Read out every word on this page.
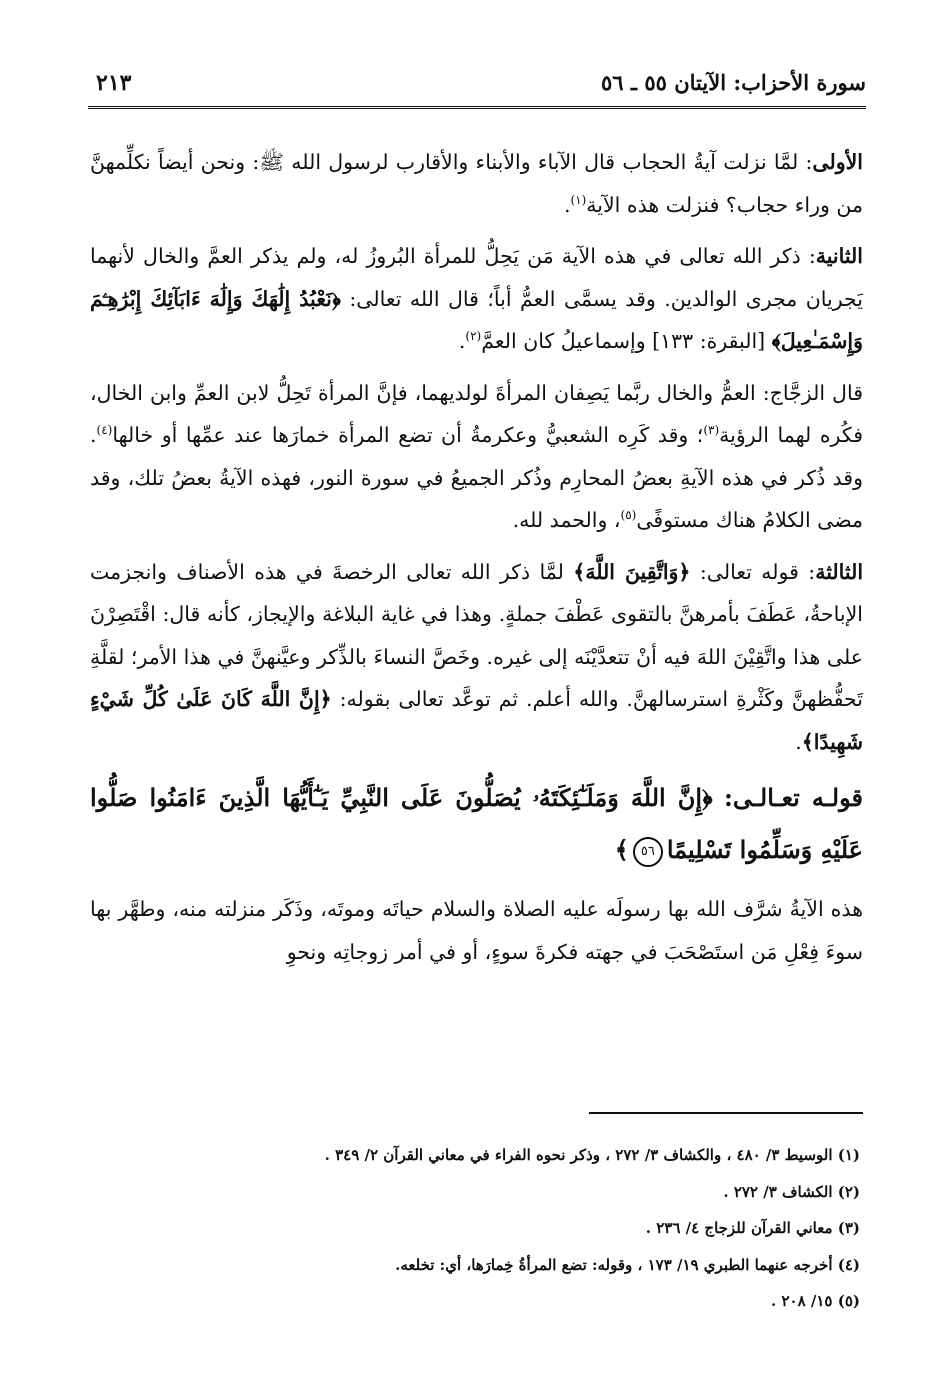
سورة الأحزاب: الآيتان ٥٥ ـ ٥٦
٢١٣

الأولى: لمَّا نزلت آيةُ الحجاب قال الآباء والأبناء والأقارب لرسول الله ﷺ: ونحن أيضاً نكلِّمهنَّ من وراء حجاب؟ فنزلت هذه الآية$^{(١)}$.

الثانية: ذكر الله تعالى في هذه الآية مَن يَحِلُّ للمرأة البُروزُ له، ولم يذكر العمَّ والخال لأنهما يَجريان مجرى الوالدين. وقد يسمَّى العمُّ أباً؛ قال الله تعالى: ﴿نَعْبُدُ إِلَٰهَكَ وَإِلَٰهَ ءَابَآئِكَ إِبْرَٰهِـۧمَ وَإِسْمَـٰعِيلَ﴾ [البقرة: ١٣٣] وإسماعيلُ كان العمَّ$^{(٢)}$.

قال الزجَّاج: العمُّ والخال ربَّما يَصِفان المرأةَ لولديهما، فإنَّ المرأة تَحِلُّ لابن العمِّ وابن الخال، فكُره لهما الرؤية$^{(٣)}$؛ وقد كَرِه الشعبيُّ وعكرمةُ أن تضع المرأة خمارَها عند عمِّها أو خالها$^{(٤)}$. وقد ذُكر في هذه الآيةِ بعضُ المحارِم وذُكر الجميعُ في سورة النور، فهذه الآيةُ بعضُ تلك، وقد مضى الكلامُ هناك مستوفًى$^{(٥)}$، والحمد لله.

الثالثة: قوله تعالى: ﴿وَاتَّقِينَ اللَّهَ﴾ لمَّا ذكر الله تعالى الرخصةَ في هذه الأصناف وانجزمت الإباحةُ، عَطَفَ بأمرهنَّ بالتقوى عَطْفَ جملةٍ. وهذا في غاية البلاغة والإيجاز، كأنه قال: اقْتَصِرْنَ على هذا واتَّقِيْنَ اللهَ فيه أنْ تتعدَّيْنَه إلى غيره. وخَصَّ النساءَ بالذِّكر وعيَّنهنَّ في هذا الأمر؛ لقلَّةِ تَحفُّظهنَّ وكَثْرةِ استرسالهنَّ. والله أعلم. ثم توعَّد تعالى بقوله: ﴿إِنَّ اللَّهَ كَانَ عَلَىٰ كُلِّ شَيْءٍ شَهِيدًا﴾.

قولـه تعـالـى: ﴿إِنَّ اللَّهَ وَمَلَـٰٓئِكَتَهُۥ يُصَلُّونَ عَلَى النَّبِيِّ يَـٰٓأَيُّهَا الَّذِينَ ءَامَنُوا صَلُّوا عَلَيْهِ وَسَلِّمُوا تَسْلِيمًا٥٦﴾

هذه الآيةُ شرَّف الله بها رسولَه عليه الصلاة والسلام حياتَه وموتَه، وذَكَر منزلته منه، وطهَّر بها سوءَ فِعْلِ مَن استَصْحَبَ في جهته فكرةَ سوءٍ، أو في أمر زوجاتِه ونحوِ

(١) الوسيط ٣/ ٤٨٠ ، والكشاف ٣/ ٢٧٢ ، وذكر نحوه الفراء في معاني القرآن ٢/ ٣٤٩ .
(٢) الكشاف ٣/ ٢٧٢ .
(٣) معاني القرآن للزجاج ٤/ ٢٣٦ .
(٤) أخرجه عنهما الطبري ١٩/ ١٧٣ ، وقوله: تضع المرأةُ خِمارَها، أي: تخلعه.
(٥) ١٥/ ٢٠٨ .
